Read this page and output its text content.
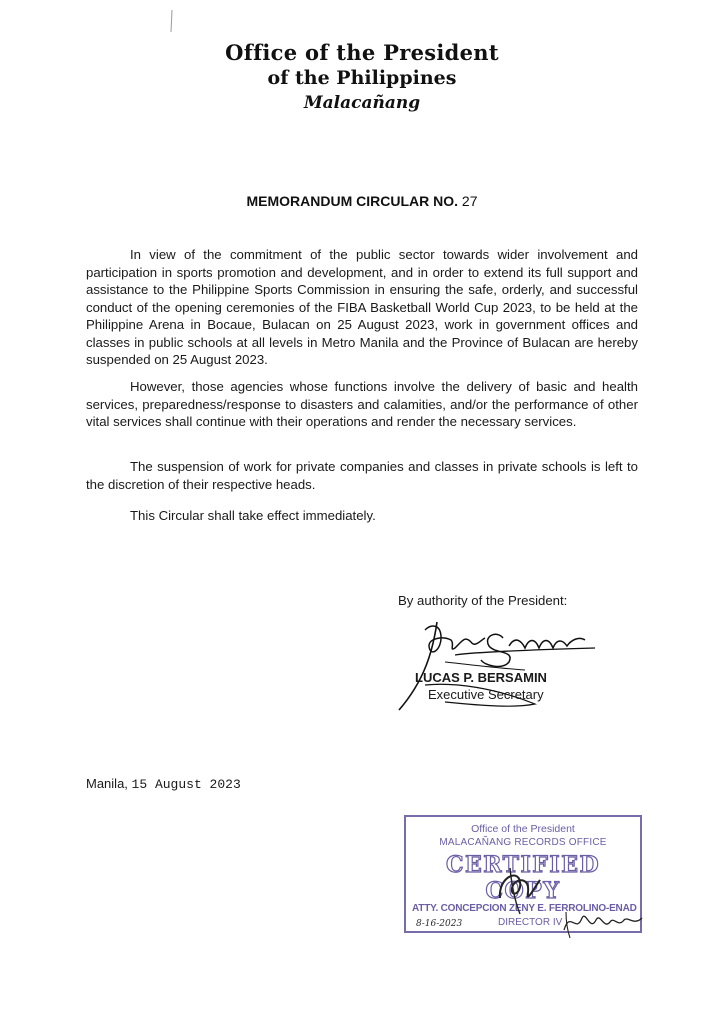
Office of the President
of the Philippines
Malacañang
MEMORANDUM CIRCULAR NO. 27

In view of the commitment of the public sector towards wider involvement and participation in sports promotion and development, and in order to extend its full support and assistance to the Philippine Sports Commission in ensuring the safe, orderly, and successful conduct of the opening ceremonies of the FIBA Basketball World Cup 2023, to be held at the Philippine Arena in Bocaue, Bulacan on 25 August 2023, work in government offices and classes in public schools at all levels in Metro Manila and the Province of Bulacan are hereby suspended on 25 August 2023.

However, those agencies whose functions involve the delivery of basic and health services, preparedness/response to disasters and calamities, and/or the performance of other vital services shall continue with their operations and render the necessary services.

The suspension of work for private companies and classes in private schools is left to the discretion of their respective heads.

This Circular shall take effect immediately.

By authority of the President:
LUCAS P. BERSAMIN
Executive Secretary
Manila, 15 August 2023
Office of the President
MALACAÑANG RECORDS OFFICE
CERTIFIED COPY
ATTY. CONCEPCION ZENY E. FERROLINO-ENAD
DIRECTOR IV
8-16-2023
